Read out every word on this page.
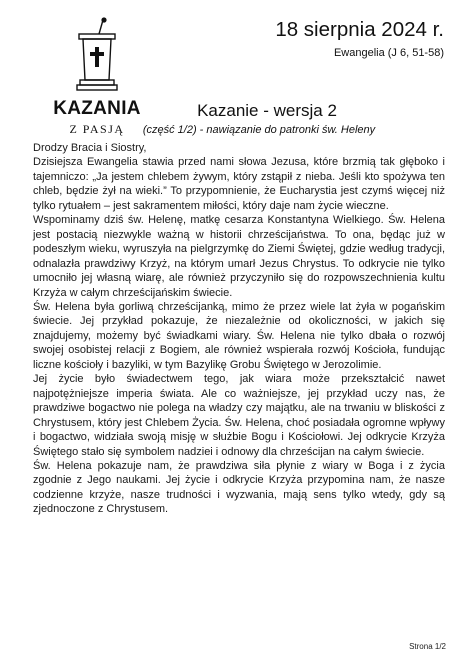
KAZANIA
Z PASJĄ
18 sierpnia 2024 r.
Ewangelia (J 6, 51-58)
Kazanie - wersja 2
(część 1/2) - nawiązanie do patronki św. Heleny

Drodzy Bracia i Siostry,

Dzisiejsza Ewangelia stawia przed nami słowa Jezusa, które brzmią tak głęboko i tajemniczo: „Ja jestem chlebem żywym, który zstąpił z nieba. Jeśli kto spożywa ten chleb, będzie żył na wieki.” To przypomnienie, że Eucharystia jest czymś więcej niż tylko rytuałem – jest sakramentem miłości, który daje nam życie wieczne.

Wspominamy dziś św. Helenę, matkę cesarza Konstantyna Wielkiego. Św. Helena jest postacią niezwykle ważną w historii chrześcijaństwa. To ona, będąc już w podeszłym wieku, wyruszyła na pielgrzymkę do Ziemi Świętej, gdzie według tradycji, odnalazła prawdziwy Krzyż, na którym umarł Jezus Chrystus. To odkrycie nie tylko umocniło jej własną wiarę, ale również przyczyniło się do rozpowszechnienia kultu Krzyża w całym chrześcijańskim świecie.

Św. Helena była gorliwą chrześcijanką, mimo że przez wiele lat żyła w pogańskim świecie. Jej przykład pokazuje, że niezależnie od okoliczności, w jakich się znajdujemy, możemy być świadkami wiary. Św. Helena nie tylko dbała o rozwój swojej osobistej relacji z Bogiem, ale również wspierała rozwój Kościoła, fundując liczne kościoły i bazyliki, w tym Bazylikę Grobu Świętego w Jerozolimie.

Jej życie było świadectwem tego, jak wiara może przekształcić nawet najpotężniejsze imperia świata. Ale co ważniejsze, jej przykład uczy nas, że prawdziwe bogactwo nie polega na władzy czy majątku, ale na trwaniu w bliskości z Chrystusem, który jest Chlebem Życia. Św. Helena, choć posiadała ogromne wpływy i bogactwo, widziała swoją misję w służbie Bogu i Kościołowi. Jej odkrycie Krzyża Świętego stało się symbolem nadziei i odnowy dla chrześcijan na całym świecie.

Św. Helena pokazuje nam, że prawdziwa siła płynie z wiary w Boga i z życia zgodnie z Jego naukami. Jej życie i odkrycie Krzyża przypomina nam, że nasze codzienne krzyże, nasze trudności i wyzwania, mają sens tylko wtedy, gdy są zjednoczone z Chrystusem.

Strona 1/2
